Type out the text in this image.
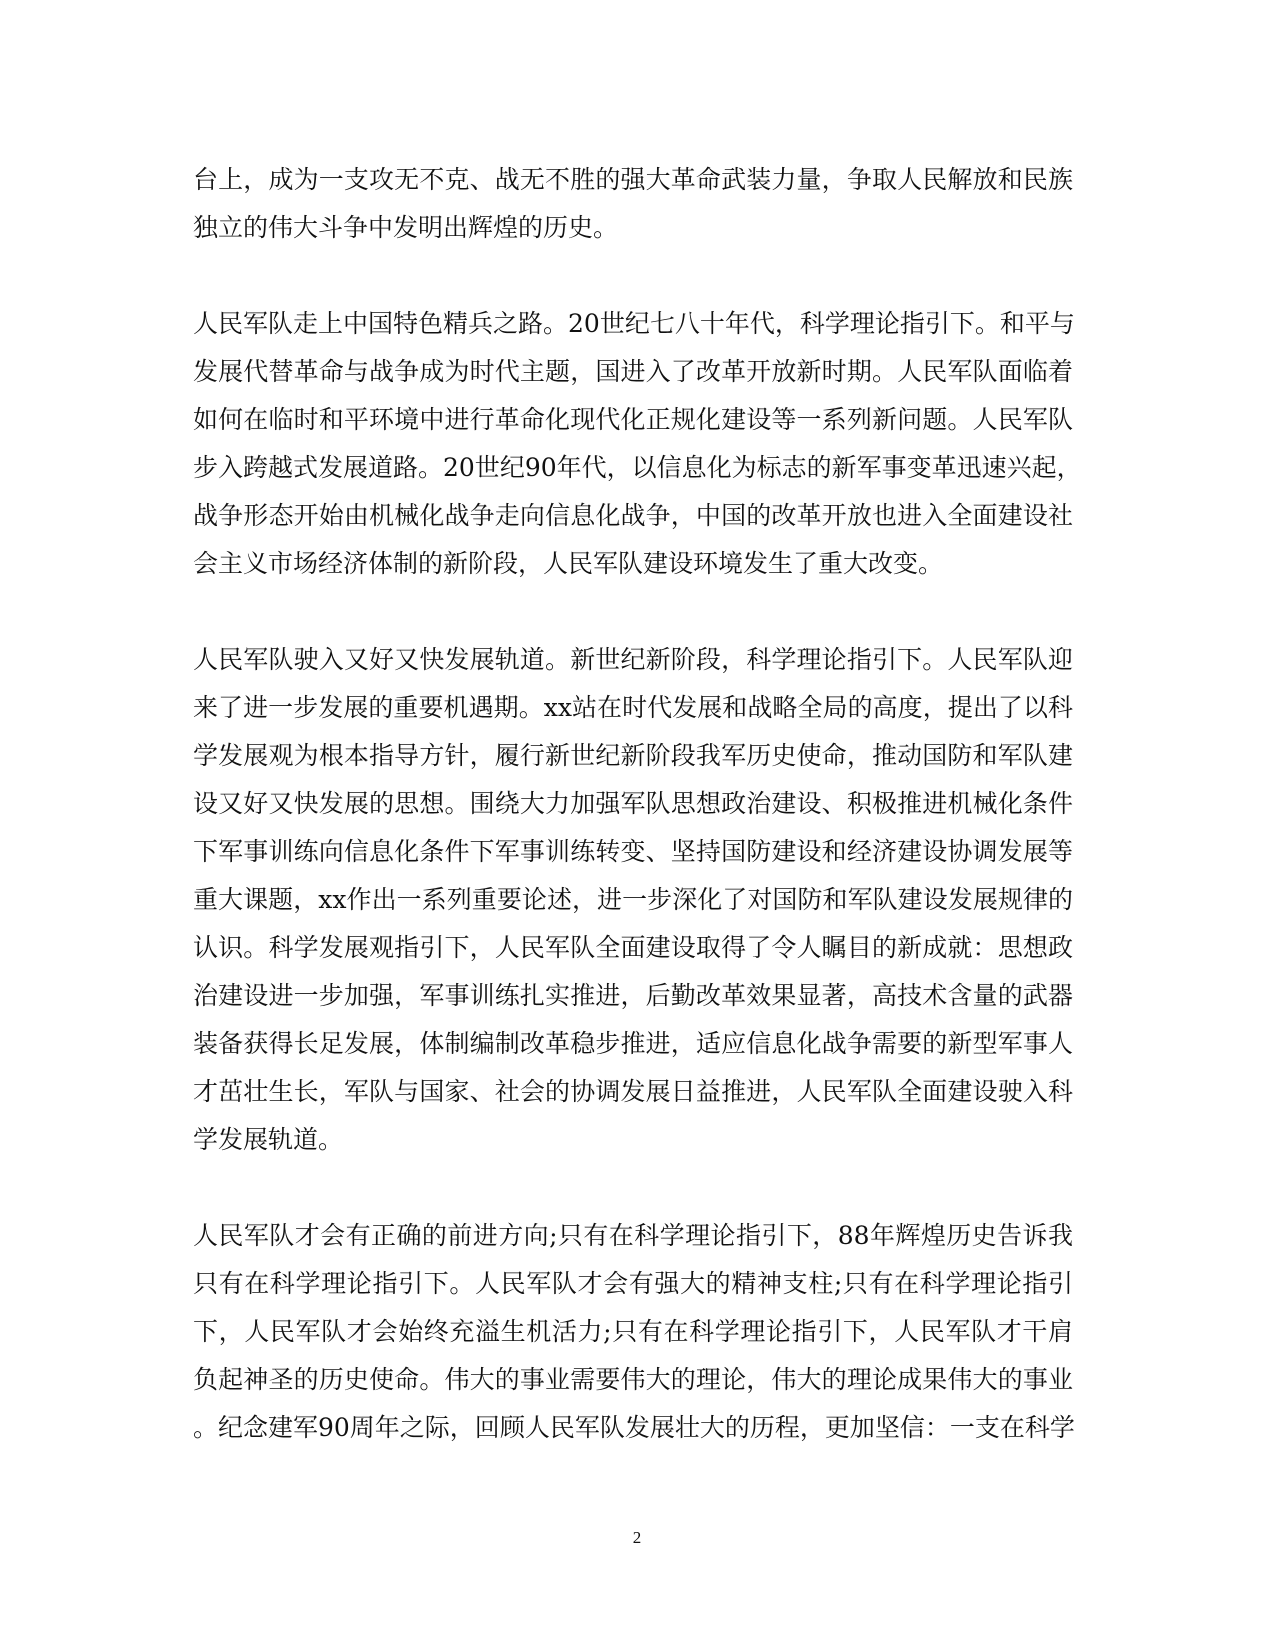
台上，成为一支攻无不克、战无不胜的强大革命武装力量，争取人民解放和民族
独立的伟大斗争中发明出辉煌的历史。
人民军队走上中国特色精兵之路。20世纪七八十年代，科学理论指引下。和平与
发展代替革命与战争成为时代主题，国进入了改革开放新时期。人民军队面临着
如何在临时和平环境中进行革命化现代化正规化建设等一系列新问题。人民军队
步入跨越式发展道路。20世纪90年代，以信息化为标志的新军事变革迅速兴起，
战争形态开始由机械化战争走向信息化战争，中国的改革开放也进入全面建设社
会主义市场经济体制的新阶段，人民军队建设环境发生了重大改变。
人民军队驶入又好又快发展轨道。新世纪新阶段，科学理论指引下。人民军队迎
来了进一步发展的重要机遇期。xx站在时代发展和战略全局的高度，提出了以科
学发展观为根本指导方针，履行新世纪新阶段我军历史使命，推动国防和军队建
设又好又快发展的思想。围绕大力加强军队思想政治建设、积极推进机械化条件
下军事训练向信息化条件下军事训练转变、坚持国防建设和经济建设协调发展等
重大课题，xx作出一系列重要论述，进一步深化了对国防和军队建设发展规律的
认识。科学发展观指引下，人民军队全面建设取得了令人瞩目的新成就：思想政
治建设进一步加强，军事训练扎实推进，后勤改革效果显著，高技术含量的武器
装备获得长足发展，体制编制改革稳步推进，适应信息化战争需要的新型军事人
才茁壮生长，军队与国家、社会的协调发展日益推进，人民军队全面建设驶入科
学发展轨道。
人民军队才会有正确的前进方向;只有在科学理论指引下，88年辉煌历史告诉我
只有在科学理论指引下。人民军队才会有强大的精神支柱;只有在科学理论指引
下，人民军队才会始终充溢生机活力;只有在科学理论指引下，人民军队才干肩
负起神圣的历史使命。伟大的事业需要伟大的理论，伟大的理论成果伟大的事业
。纪念建军90周年之际，回顾人民军队发展壮大的历程，更加坚信：一支在科学
2
